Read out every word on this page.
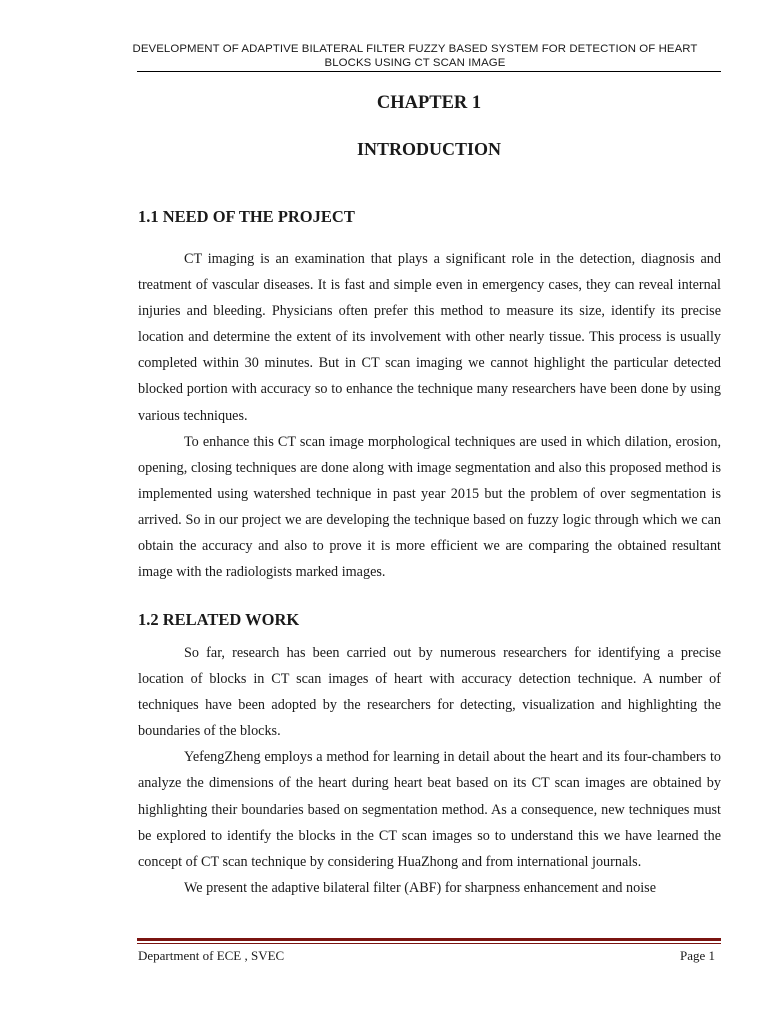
DEVELOPMENT OF ADAPTIVE BILATERAL FILTER FUZZY BASED SYSTEM FOR DETECTION OF HEART BLOCKS USING CT SCAN IMAGE
CHAPTER 1
INTRODUCTION
1.1 NEED OF THE PROJECT

CT imaging is an examination that plays a significant role in the detection, diagnosis and treatment of vascular diseases. It is fast and simple even in emergency cases, they can reveal internal injuries and bleeding. Physicians often prefer this method to measure its size, identify its precise location and determine the extent of its involvement with other nearly tissue. This process is usually completed within 30 minutes. But in CT scan imaging we cannot highlight the particular detected blocked portion with accuracy so to enhance the technique many researchers have been done by using various techniques.

To enhance this CT scan image morphological techniques are used in which dilation, erosion, opening, closing techniques are done along with image segmentation and also this proposed method is implemented using watershed technique in past year 2015 but the problem of over segmentation is arrived. So in our project we are developing the technique based on fuzzy logic through which we can obtain the accuracy and also to prove it is more efficient we are comparing the obtained resultant image with the radiologists marked images.

1.2 RELATED WORK

So far, research has been carried out by numerous researchers for identifying a precise location of blocks in CT scan images of heart with accuracy detection technique. A number of techniques have been adopted by the researchers for detecting, visualization and highlighting the boundaries of the blocks.

YefengZheng employs a method for learning in detail about the heart and its four-chambers to analyze the dimensions of the heart during heart beat based on its CT scan images are obtained by highlighting their boundaries based on segmentation method. As a consequence, new techniques must be explored to identify the blocks in the CT scan images so to understand this we have learned the concept of CT scan technique by considering HuaZhong and from international journals.

We present the adaptive bilateral filter (ABF) for sharpness enhancement and noise

Department of ECE , SVEC	Page 1
